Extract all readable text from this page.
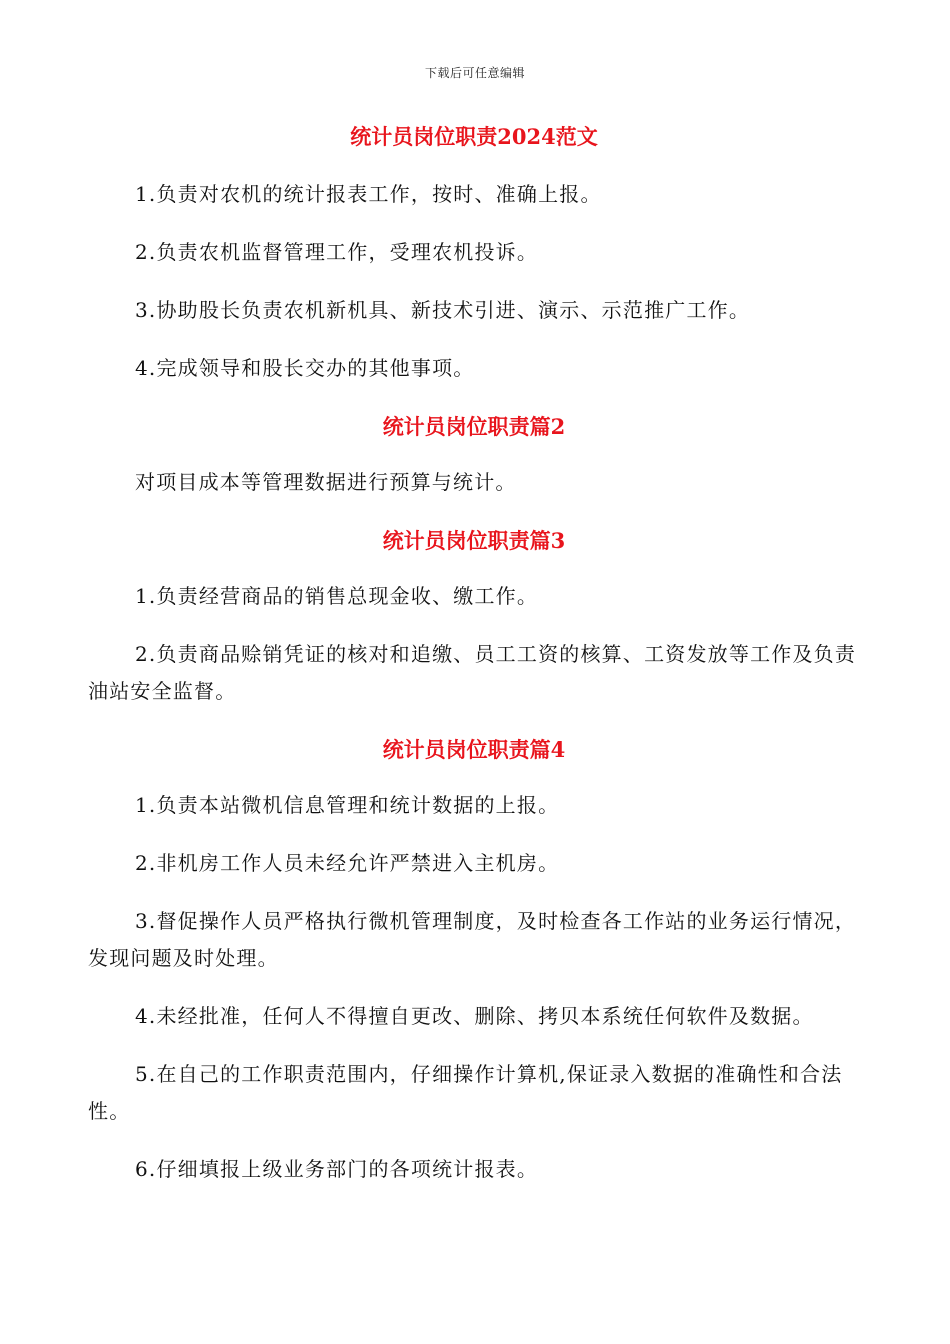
下载后可任意编辑
统计员岗位职责2024范文

1.负责对农机的统计报表工作，按时、准确上报。

2.负责农机监督管理工作，受理农机投诉。

3.协助股长负责农机新机具、新技术引进、演示、示范推广工作。

4.完成领导和股长交办的其他事项。

统计员岗位职责篇2

对项目成本等管理数据进行预算与统计。

统计员岗位职责篇3

1.负责经营商品的销售总现金收、缴工作。

2.负责商品赊销凭证的核对和追缴、员工工资的核算、工资发放等工作及负责油站安全监督。

统计员岗位职责篇4

1.负责本站微机信息管理和统计数据的上报。

2.非机房工作人员未经允许严禁进入主机房。

3.督促操作人员严格执行微机管理制度，及时检查各工作站的业务运行情况，发现问题及时处理。

4.未经批准，任何人不得擅自更改、删除、拷贝本系统任何软件及数据。

5.在自己的工作职责范围内，仔细操作计算机,保证录入数据的准确性和合法性。

6.仔细填报上级业务部门的各项统计报表。
